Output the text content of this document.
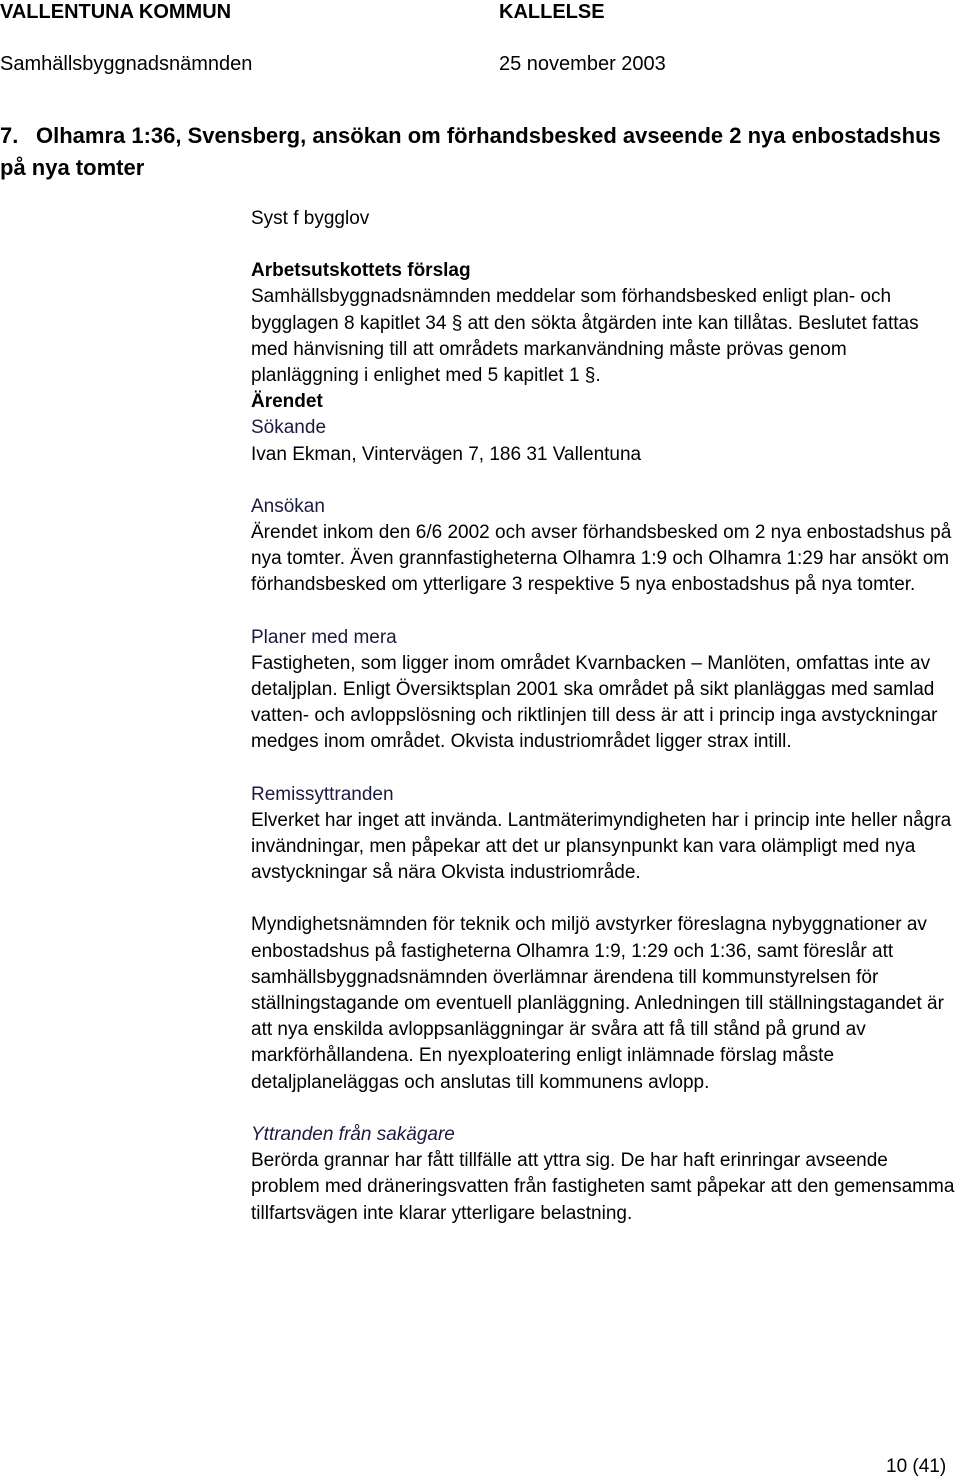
VALLENTUNA KOMMUN	KALLELSE
Samhällsbyggnadsnämnden	25 november 2003
7. Olhamra 1:36, Svensberg, ansökan om förhandsbesked avseende 2 nya enbostadshus på nya tomter

Syst f bygglov

Arbetsutskottets förslag

Samhällsbyggnadsnämnden meddelar som förhandsbesked enligt plan- och bygglagen 8 kapitlet 34 § att den sökta åtgärden inte kan tillåtas. Beslutet fattas med hänvisning till att områdets markanvändning måste prövas genom planläggning i enlighet med 5 kapitlet 1 §.

Ärendet

Sökande

Ivan Ekman, Vintervägen 7, 186 31 Vallentuna

Ansökan

Ärendet inkom den 6/6 2002 och avser förhandsbesked om 2 nya enbostadshus på nya tomter. Även grannfastigheterna Olhamra 1:9 och Olhamra 1:29 har ansökt om förhandsbesked om ytterligare 3 respektive 5 nya enbostadshus på nya tomter.

Planer med mera

Fastigheten, som ligger inom området Kvarnbacken – Manlöten, omfattas inte av detaljplan. Enligt Översiktsplan 2001 ska området på sikt planläggas med samlad vatten- och avloppslösning och riktlinjen till dess är att i princip inga avstyckningar medges inom området. Okvista industriområdet ligger strax intill.

Remissyttranden

Elverket har inget att invända. Lantmäterimyndigheten har i princip inte heller några invändningar, men påpekar att det ur plansynpunkt kan vara olämpligt med nya avstyckningar så nära Okvista industriområde.

Myndighetsnämnden för teknik och miljö avstyrker föreslagna nybyggnationer av enbostadshus på fastigheterna Olhamra 1:9, 1:29 och 1:36, samt föreslår att samhällsbyggnadsnämnden överlämnar ärendena till kommunstyrelsen för ställningstagande om eventuell planläggning. Anledningen till ställningstagandet är att nya enskilda avloppsanläggningar är svåra att få till stånd på grund av markförhållandena. En nyexploatering enligt inlämnade förslag måste detaljplaneläggas och anslutas till kommunens avlopp.

Yttranden från sakägare

Berörda grannar har fått tillfälle att yttra sig. De har haft erinringar avseende problem med dräneringsvatten från fastigheten samt påpekar att den gemensamma tillfartsvägen inte klarar ytterligare belastning.

10 (41)
